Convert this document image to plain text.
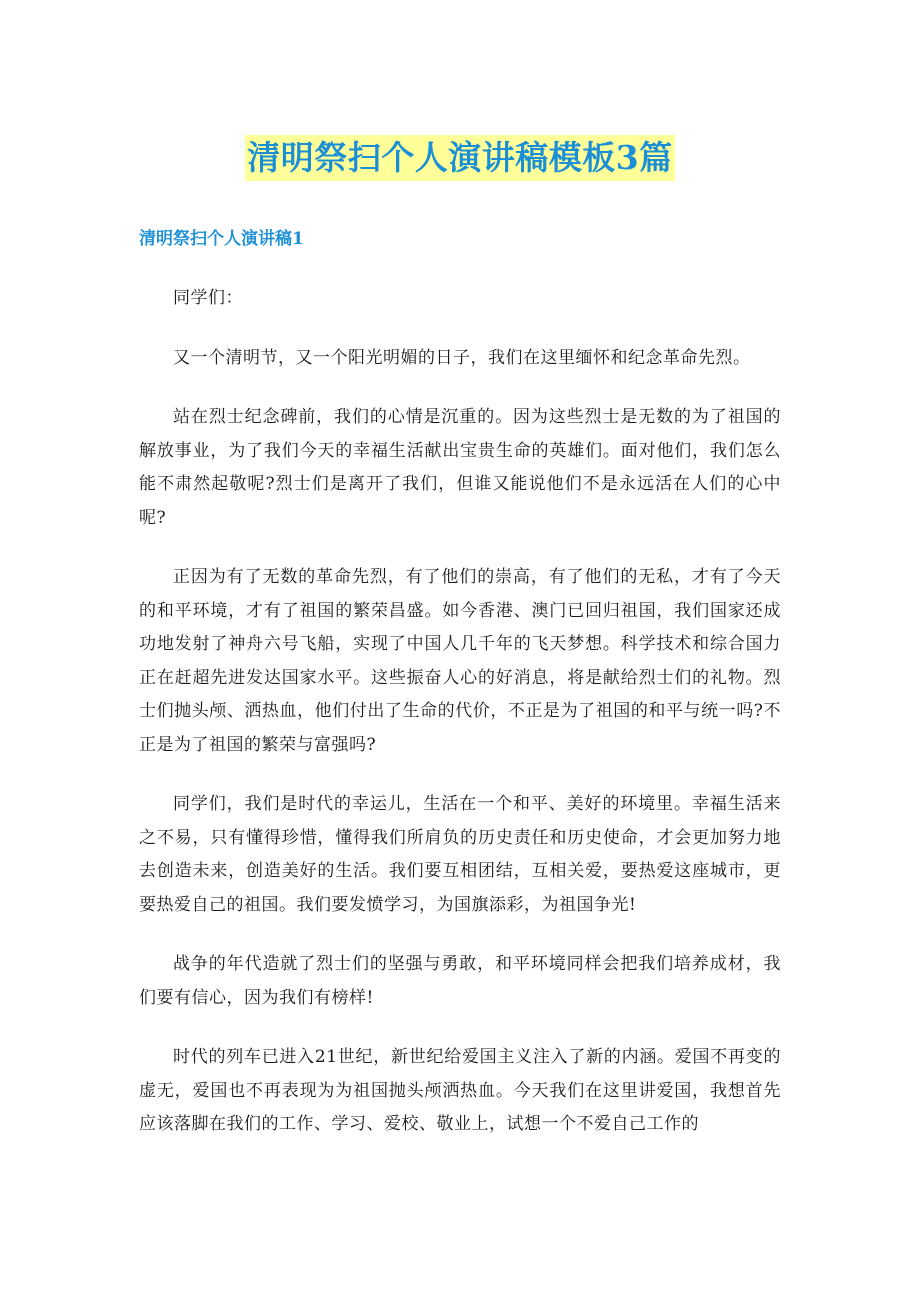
清明祭扫个人演讲稿模板3篇
清明祭扫个人演讲稿1

同学们：

又一个清明节，又一个阳光明媚的日子，我们在这里缅怀和纪念革命先烈。

站在烈士纪念碑前，我们的心情是沉重的。因为这些烈士是无数的为了祖国的解放事业，为了我们今天的幸福生活献出宝贵生命的英雄们。面对他们，我们怎么能不肃然起敬呢?烈士们是离开了我们，但谁又能说他们不是永远活在人们的心中呢?

正因为有了无数的革命先烈，有了他们的崇高，有了他们的无私，才有了今天的和平环境，才有了祖国的繁荣昌盛。如今香港、澳门已回归祖国，我们国家还成功地发射了神舟六号飞船，实现了中国人几千年的飞天梦想。科学技术和综合国力正在赶超先进发达国家水平。这些振奋人心的好消息，将是献给烈士们的礼物。烈士们抛头颅、洒热血，他们付出了生命的代价，不正是为了祖国的和平与统一吗?不正是为了祖国的繁荣与富强吗?

同学们，我们是时代的幸运儿，生活在一个和平、美好的环境里。幸福生活来之不易，只有懂得珍惜，懂得我们所肩负的历史责任和历史使命，才会更加努力地去创造未来，创造美好的生活。我们要互相团结，互相关爱，要热爱这座城市，更要热爱自己的祖国。我们要发愤学习，为国旗添彩，为祖国争光!

战争的年代造就了烈士们的坚强与勇敢，和平环境同样会把我们培养成材，我们要有信心，因为我们有榜样!

时代的列车已进入21世纪，新世纪给爱国主义注入了新的内涵。爱国不再变的虚无，爱国也不再表现为为祖国抛头颅洒热血。今天我们在这里讲爱国，我想首先应该落脚在我们的工作、学习、爱校、敬业上，试想一个不爱自己工作的
